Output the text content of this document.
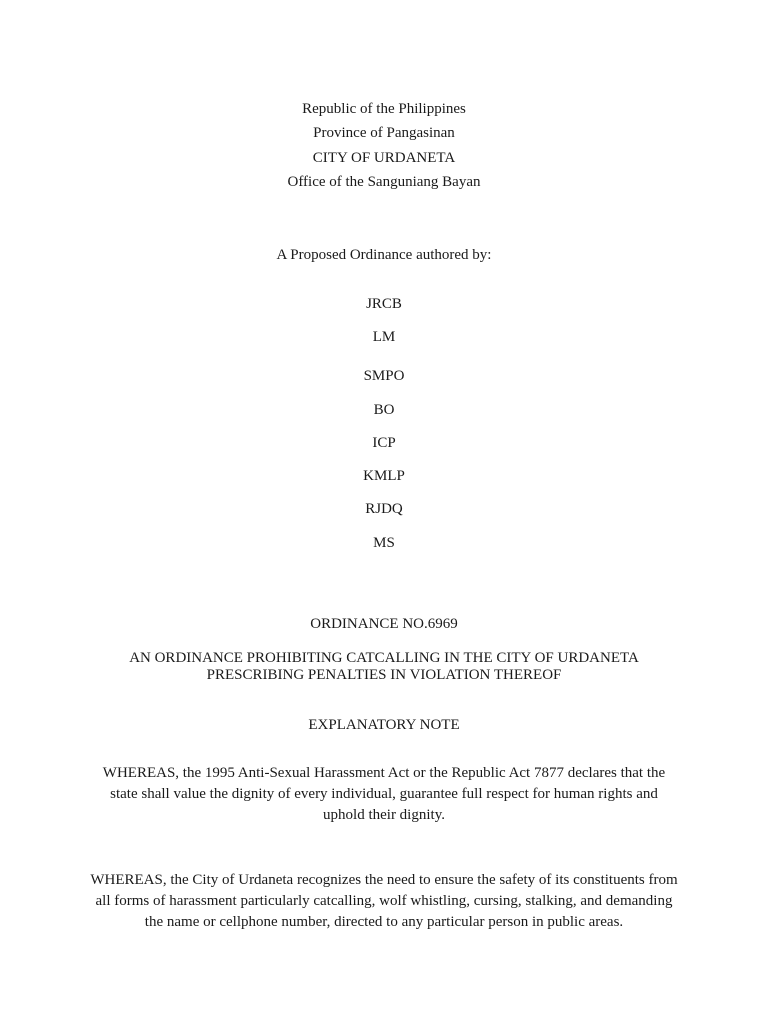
Republic of the Philippines
Province of Pangasinan
CITY OF URDANETA
Office of the Sanguniang Bayan
A Proposed Ordinance authored by:
JRCB
LM
SMPO
BO
ICP
KMLP
RJDQ
MS
ORDINANCE NO.6969
AN ORDINANCE PROHIBITING CATCALLING IN THE CITY OF URDANETA
PRESCRIBING PENALTIES IN VIOLATION THEREOF
EXPLANATORY NOTE
WHEREAS, the 1995 Anti-Sexual Harassment Act or the Republic Act 7877 declares that the state shall value the dignity of every individual, guarantee full respect for human rights and uphold their dignity.
WHEREAS, the City of Urdaneta recognizes the need to ensure the safety of its constituents from all forms of harassment particularly catcalling, wolf whistling, cursing, stalking, and demanding the name or cellphone number, directed to any particular person in public areas.
